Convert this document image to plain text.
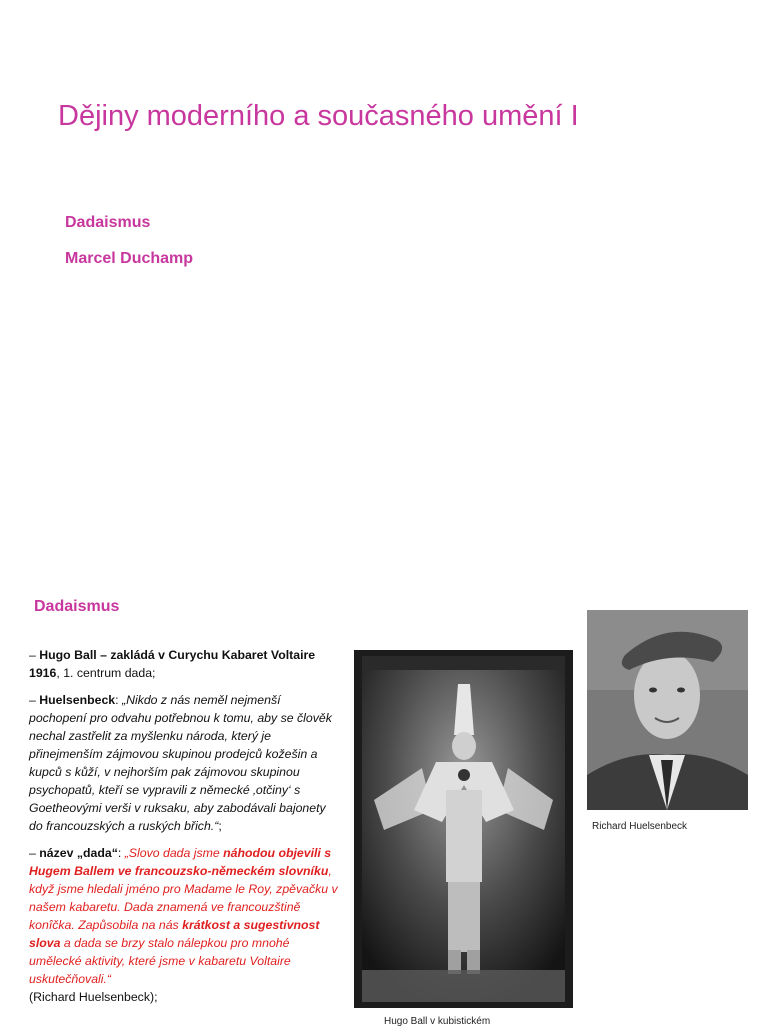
Dějiny moderního a současného umění I
Dadaismus
Marcel Duchamp
Dadaismus

– Hugo Ball – zakládá v Curychu Kabaret Voltaire 1916, 1. centrum dada;

– Huelsenbeck: „Nikdo z nás neměl nejmenší pochopení pro odvahu potřebnou k tomu, aby se člověk nechal zastřelit za myšlenku národa, který je přinejmenším zájmovou skupinou prodejců kožešin a kupců s kůží, v nejhorším pak zájmovou skupinou psychopatů, kteří se vypravili z německé ‚otčiny‘ s Goetheovými verši v ruksaku, aby zabodávali bajonety do francouzských a ruských břich.“;

– název „dada“: „Slovo dada jsme náhodou objevili s Hugem Ballem ve francouzsko-německém slovníku, když jsme hledali jméno pro Madame le Roy, zpěvačku v našem kabaretu. Dada znamená ve francouzštině konîčka. Zapůsobila na nás krátkost a sugestivnost slova a dada se brzy stalo nálepkou pro mnohé umělecké aktivity, které jsme v kabaretu Voltaire uskutečňovali.“
(Richard Huelsenbeck);

Richard Huelsenbeck
Hugo Ball v kubistickém
